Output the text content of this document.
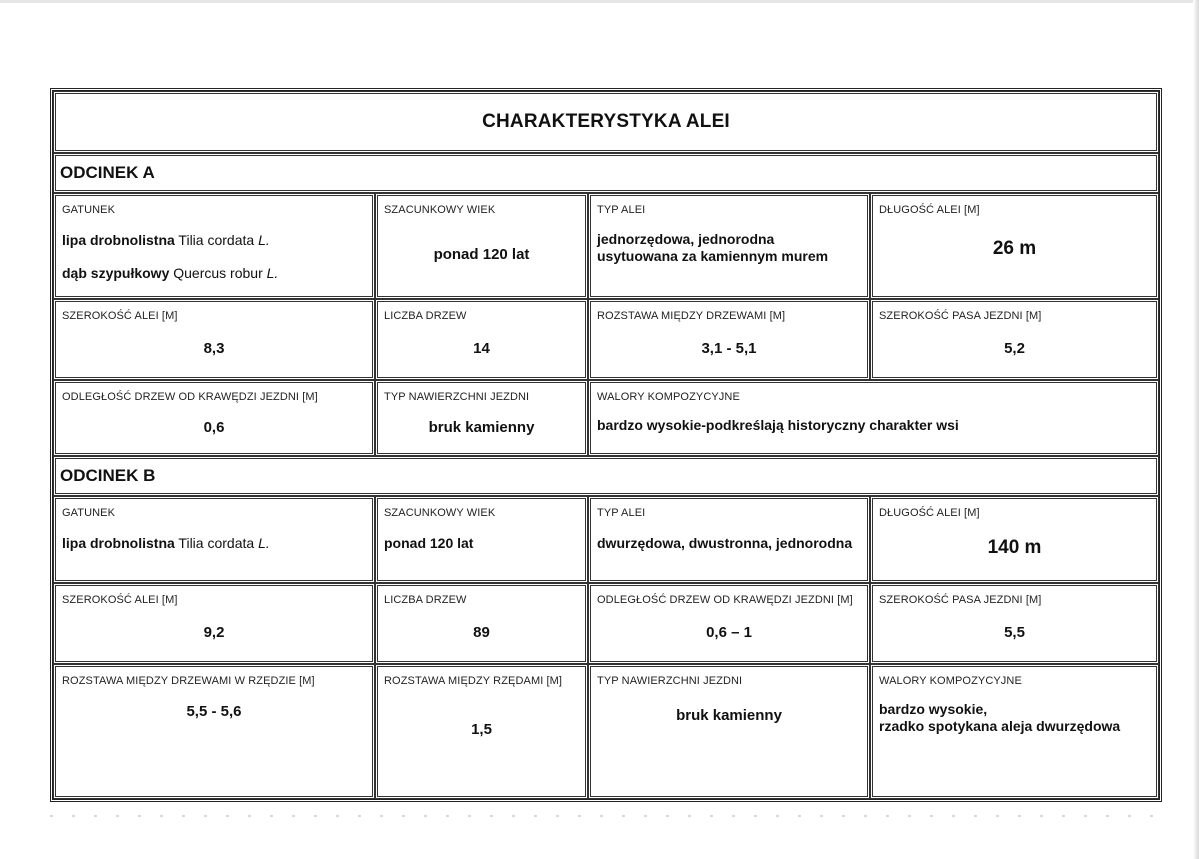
CHARAKTERYSTYKA ALEI
ODCINEK A
GATUNEK
lipa drobnolistna Tilia cordata L.
dąb szypułkowy Quercus robur L.
SZACUNKOWY WIEK
ponad 120 lat
TYP ALEI
jednorzędowa, jednorodna
usytuowana za kamiennym murem
DŁUGOŚĆ ALEI [M]
26 m
SZEROKOŚĆ ALEI [M]
8,3
LICZBA DRZEW
14
ROZSTAWA MIĘDZY DRZEWAMI [M]
3,1 - 5,1
SZEROKOŚĆ PASA JEZDNI [M]
5,2
ODLEGŁOŚĆ DRZEW OD KRAWĘDZI JEZDNI [M]
0,6
TYP NAWIERZCHNI JEZDNI
bruk kamienny
WALORY KOMPOZYCYJNE
bardzo wysokie-podkreślają historyczny charakter wsi
ODCINEK B
GATUNEK
lipa drobnolistna Tilia cordata L.
SZACUNKOWY WIEK
ponad 120 lat
TYP ALEI
dwurzędowa, dwustronna, jednorodna
DŁUGOŚĆ ALEI [M]
140 m
SZEROKOŚĆ ALEI [M]
9,2
LICZBA DRZEW
89
ODLEGŁOŚĆ DRZEW OD KRAWĘDZI JEZDNI [M]
0,6 – 1
SZEROKOŚĆ PASA JEZDNI [M]
5,5
ROZSTAWA MIĘDZY DRZEWAMI W RZĘDZIE [M]
5,5 - 5,6
ROZSTAWA MIĘDZY RZĘDAMI [M]
1,5
TYP NAWIERZCHNI JEZDNI
bruk kamienny
WALORY KOMPOZYCYJNE
bardzo wysokie,
rzadko spotykana aleja dwurzędowa
